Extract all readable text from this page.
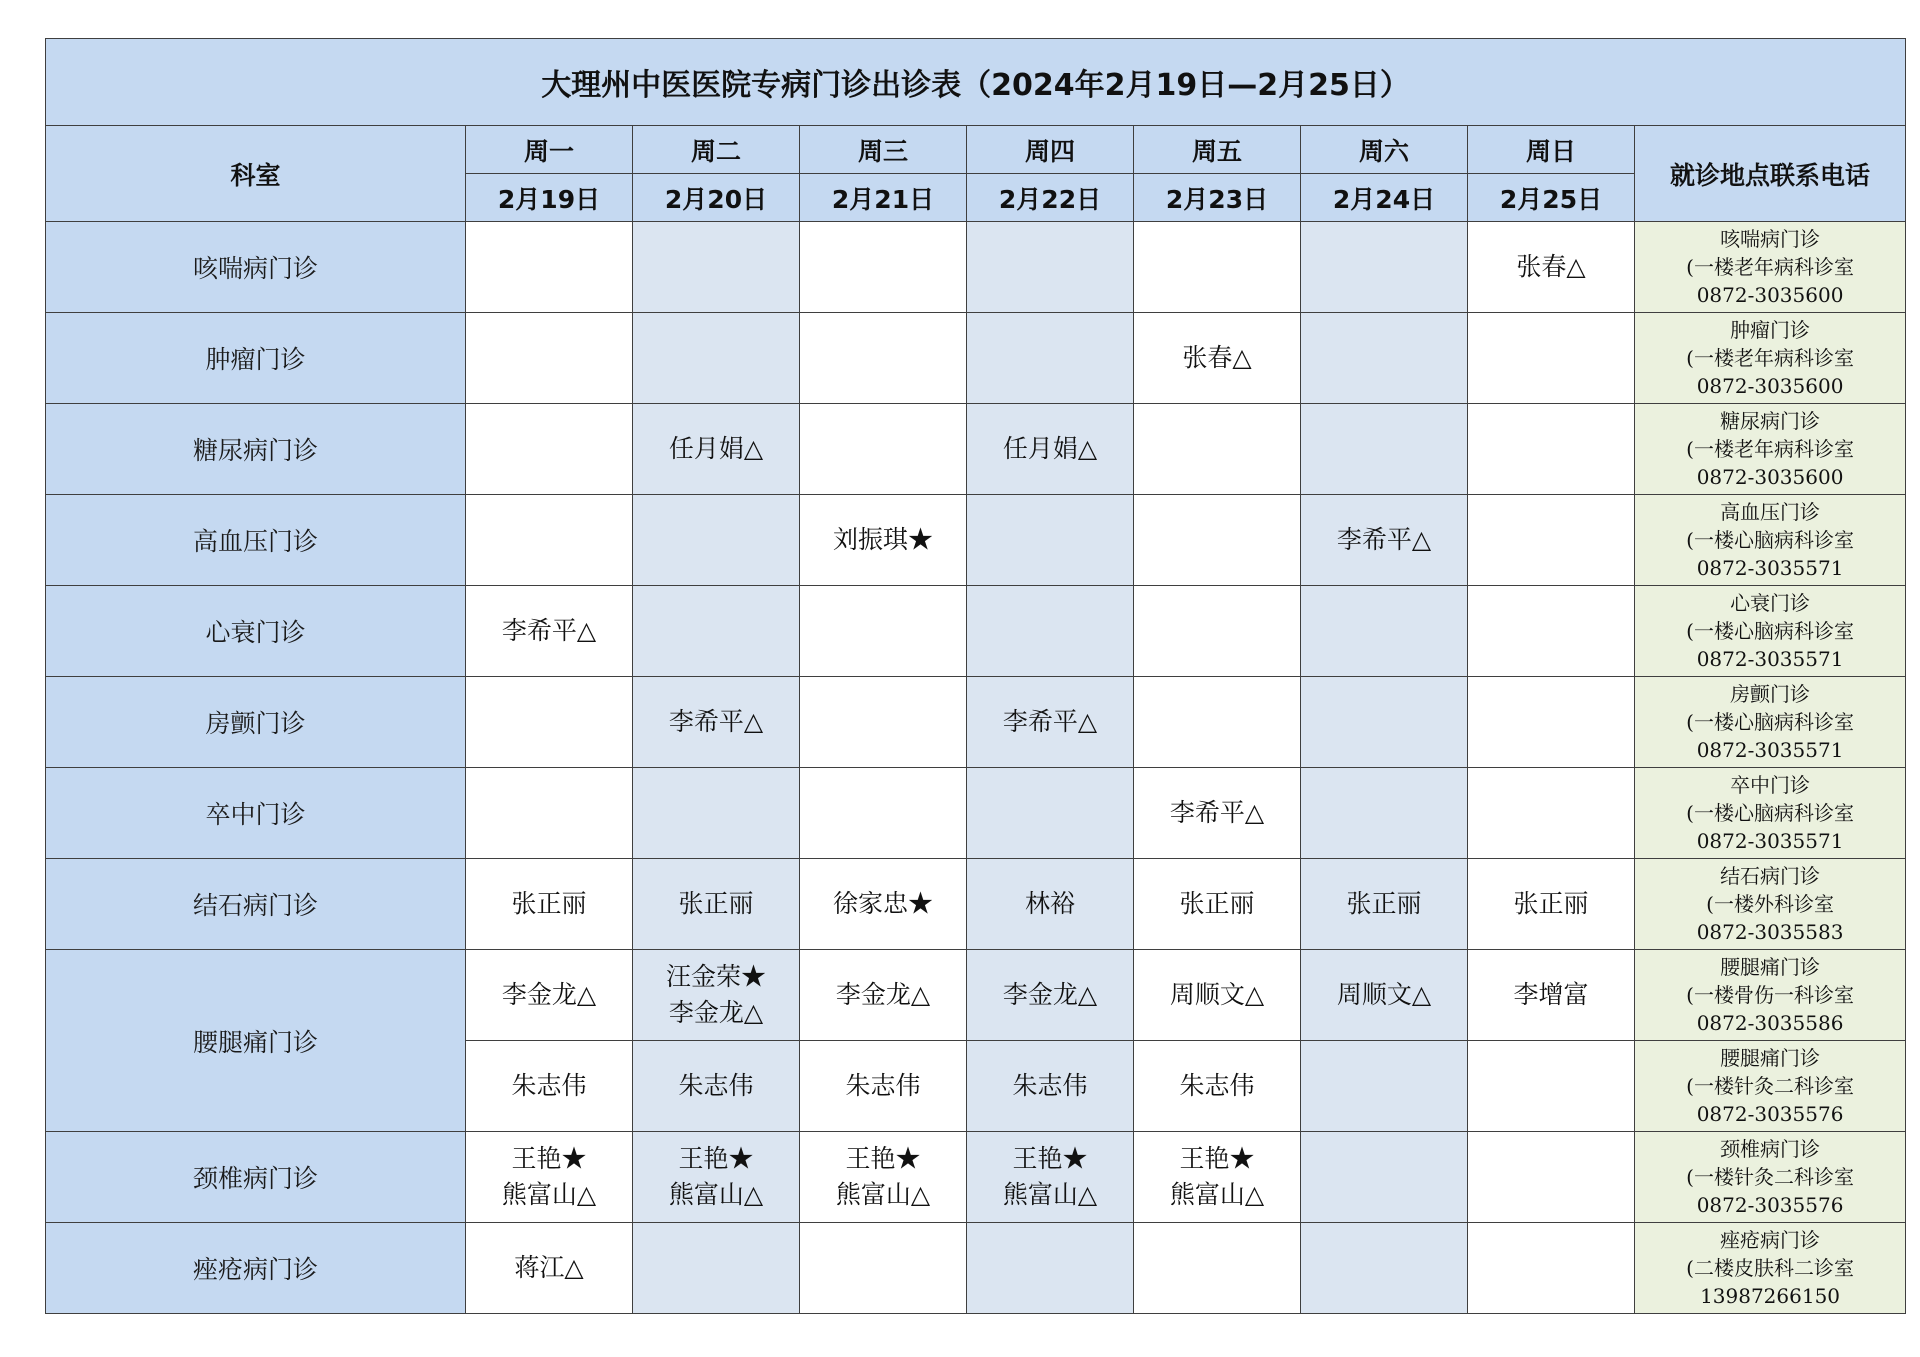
大理州中医医院专病门诊出诊表（2024年2月19日—2月25日）								
科室	周一	周二	周三	周四	周五	周六	周日	就诊地点联系电话
	2月19日	2月20日	2月21日	2月22日	2月23日	2月24日	2月25日	
咳喘病门诊							张春△	咳喘病门诊
(一楼老年病科诊室
0872-3035600

肿瘤门诊					张春△			肿瘤门诊
(一楼老年病科诊室
0872-3035600

糖尿病门诊		任月娟△		任月娟△				糖尿病门诊
(一楼老年病科诊室
0872-3035600

高血压门诊			刘振琪★			李希平△		高血压门诊
(一楼心脑病科诊室
0872-3035571

心衰门诊	李希平△							心衰门诊
(一楼心脑病科诊室
0872-3035571

房颤门诊		李希平△		李希平△				房颤门诊
(一楼心脑病科诊室
0872-3035571

卒中门诊					李希平△			卒中门诊
(一楼心脑病科诊室
0872-3035571

结石病门诊	张正丽	张正丽	徐家忠★	林裕	张正丽	张正丽	张正丽	结石病门诊
(一楼外科诊室
0872-3035583

腰腿痛门诊	李金龙△	汪金荣★
李金龙△	李金龙△	李金龙△	周顺文△	周顺文△	李增富	腰腿痛门诊
(一楼骨伤一科诊室
0872-3035586

	朱志伟	朱志伟	朱志伟	朱志伟	朱志伟			腰腿痛门诊
(一楼针灸二科诊室
0872-3035576

颈椎病门诊	王艳★
熊富山△	王艳★
熊富山△	王艳★
熊富山△	王艳★
熊富山△	王艳★
熊富山△			颈椎病门诊
(一楼针灸二科诊室
0872-3035576

痤疮病门诊	蒋江△							痤疮病门诊
(二楼皮肤科二诊室
13987266150
